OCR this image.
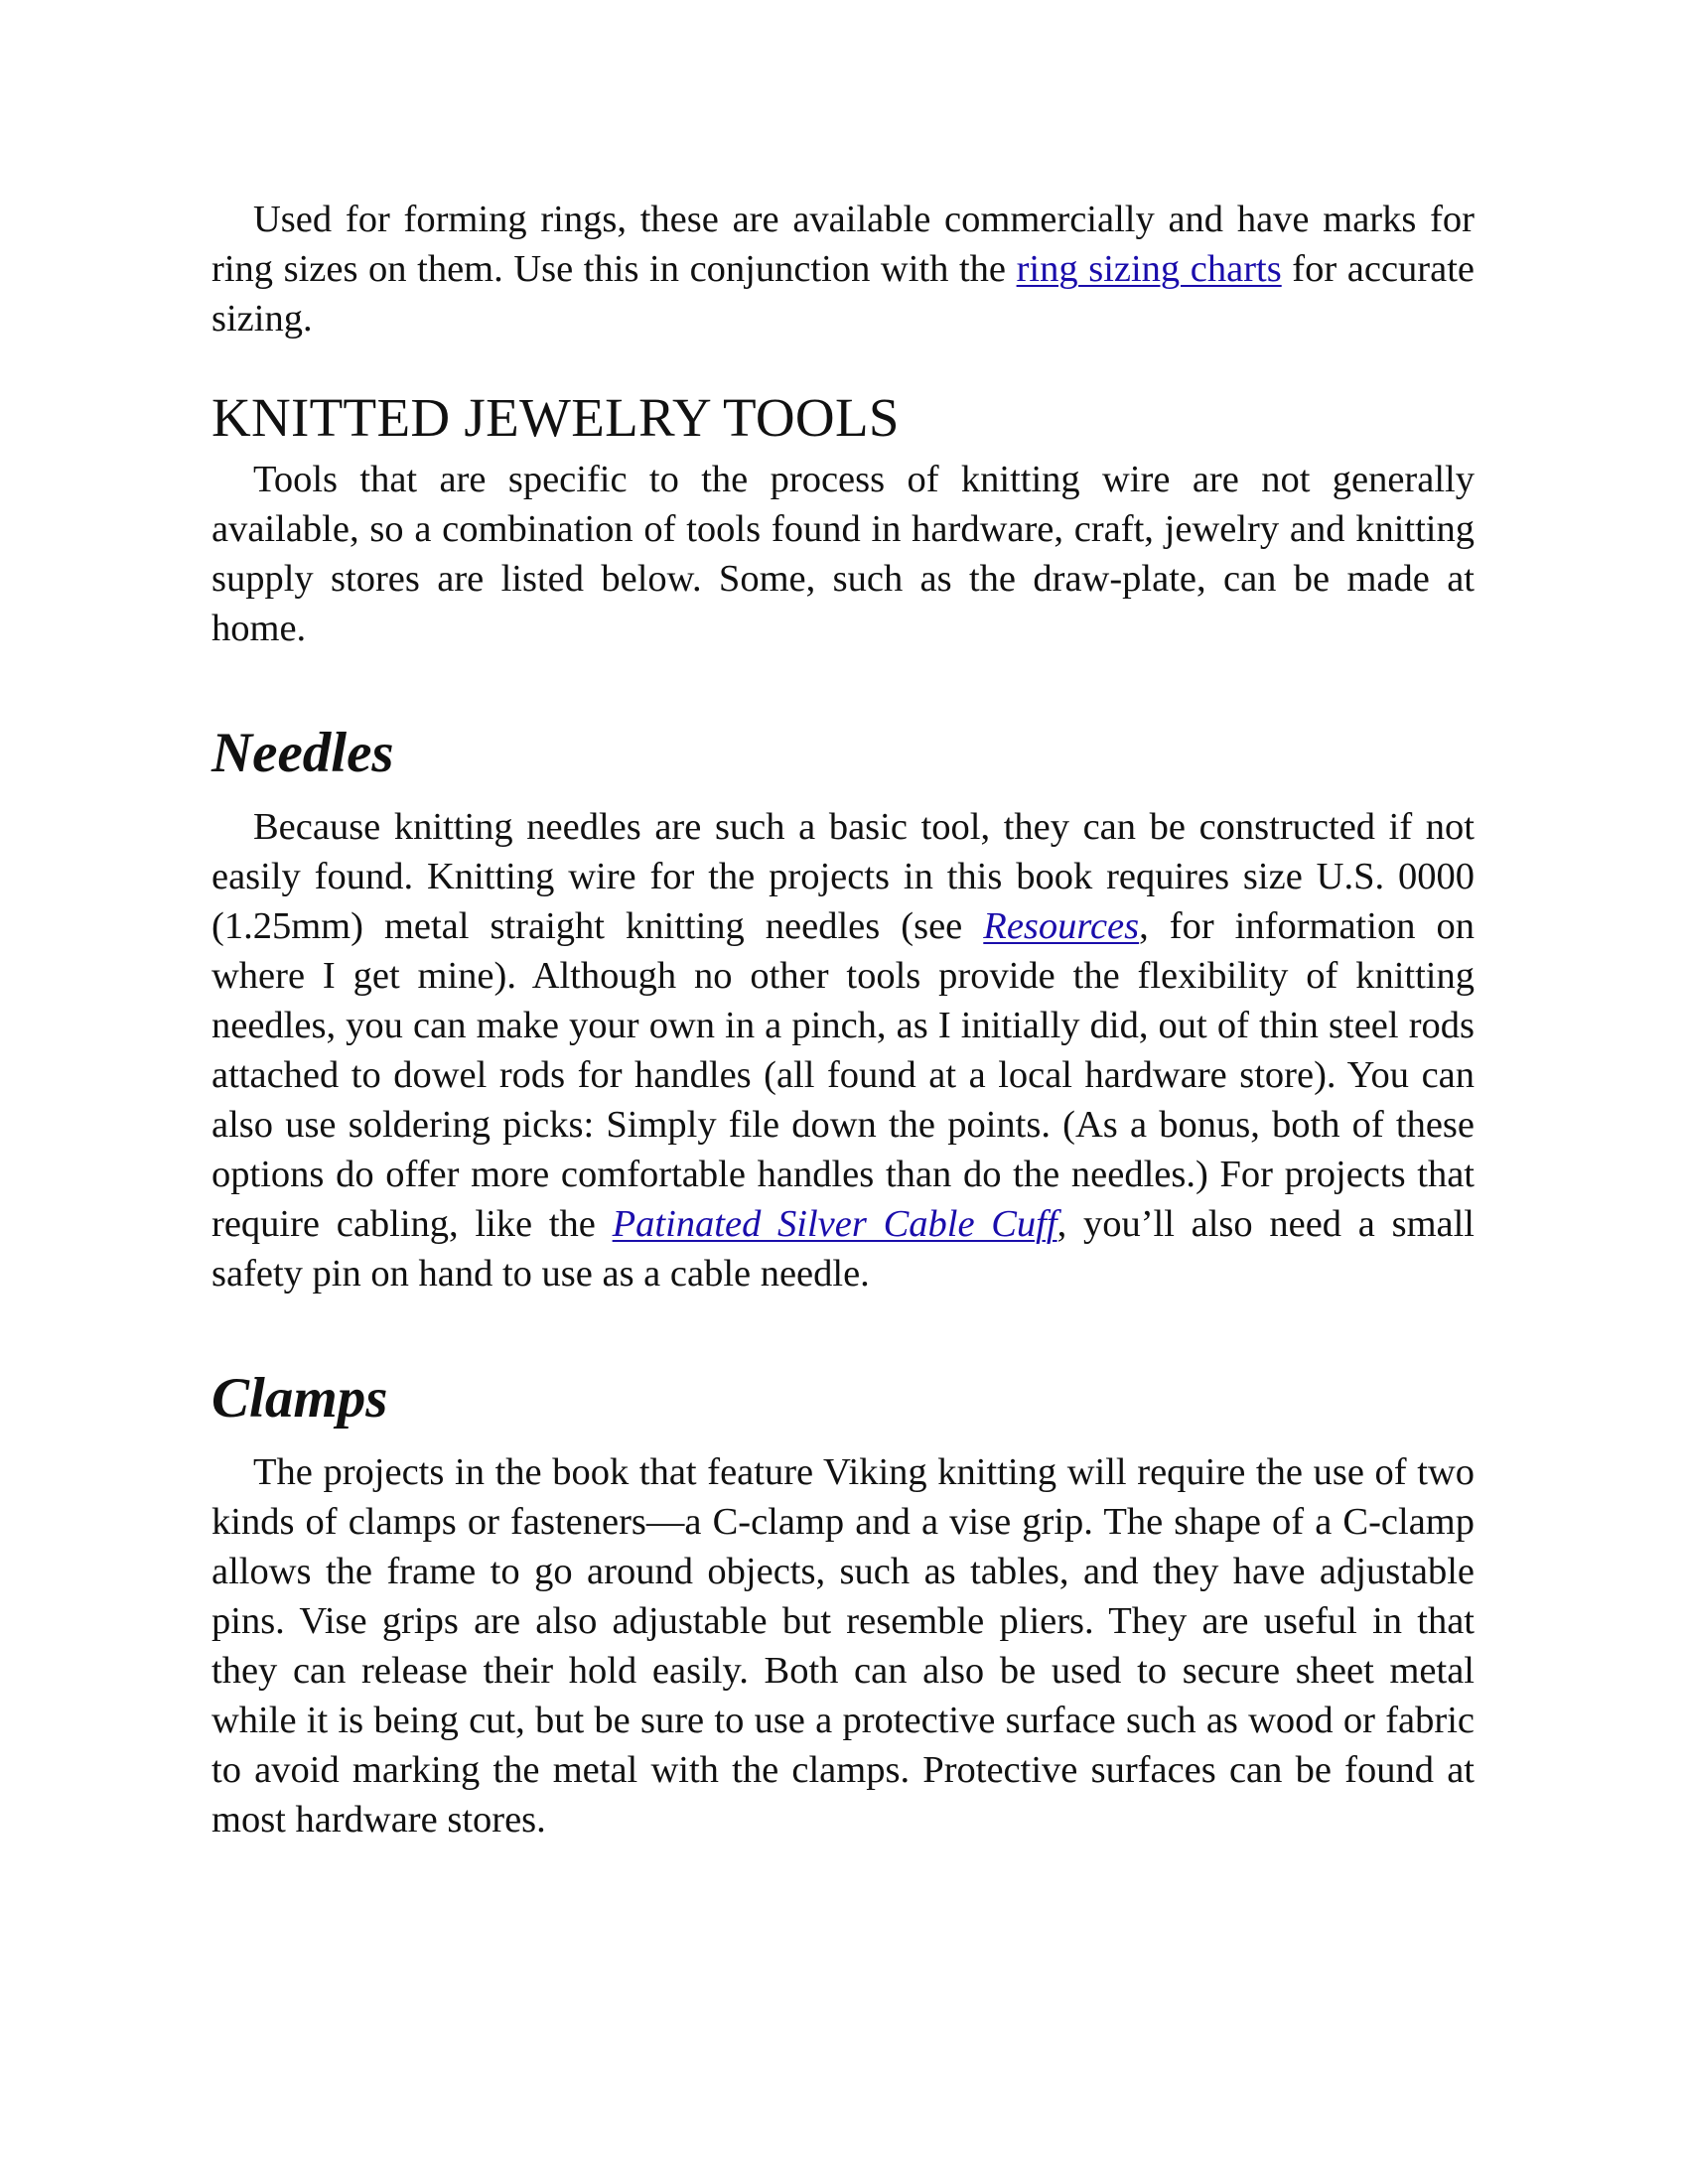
Used for forming rings, these are available commercially and have marks for ring sizes on them. Use this in conjunction with the ring sizing charts for accurate sizing.

KNITTED JEWELRY TOOLS

Tools that are specific to the process of knitting wire are not generally available, so a combination of tools found in hardware, craft, jewelry and knitting supply stores are listed below. Some, such as the draw-plate, can be made at home.

Needles

Because knitting needles are such a basic tool, they can be constructed if not easily found. Knitting wire for the projects in this book requires size U.S. 0000 (1.25mm) metal straight knitting needles (see Resources, for information on where I get mine). Although no other tools provide the flexibility of knitting needles, you can make your own in a pinch, as I initially did, out of thin steel rods attached to dowel rods for handles (all found at a local hardware store). You can also use soldering picks: Simply file down the points. (As a bonus, both of these options do offer more comfortable handles than do the needles.) For projects that require cabling, like the Patinated Silver Cable Cuff, you’ll also need a small safety pin on hand to use as a cable needle.

Clamps

The projects in the book that feature Viking knitting will require the use of two kinds of clamps or fasteners—a C-clamp and a vise grip. The shape of a C-clamp allows the frame to go around objects, such as tables, and they have adjustable pins. Vise grips are also adjustable but resemble pliers. They are useful in that they can release their hold easily. Both can also be used to secure sheet metal while it is being cut, but be sure to use a protective surface such as wood or fabric to avoid marking the metal with the clamps. Protective surfaces can be found at most hardware stores.
